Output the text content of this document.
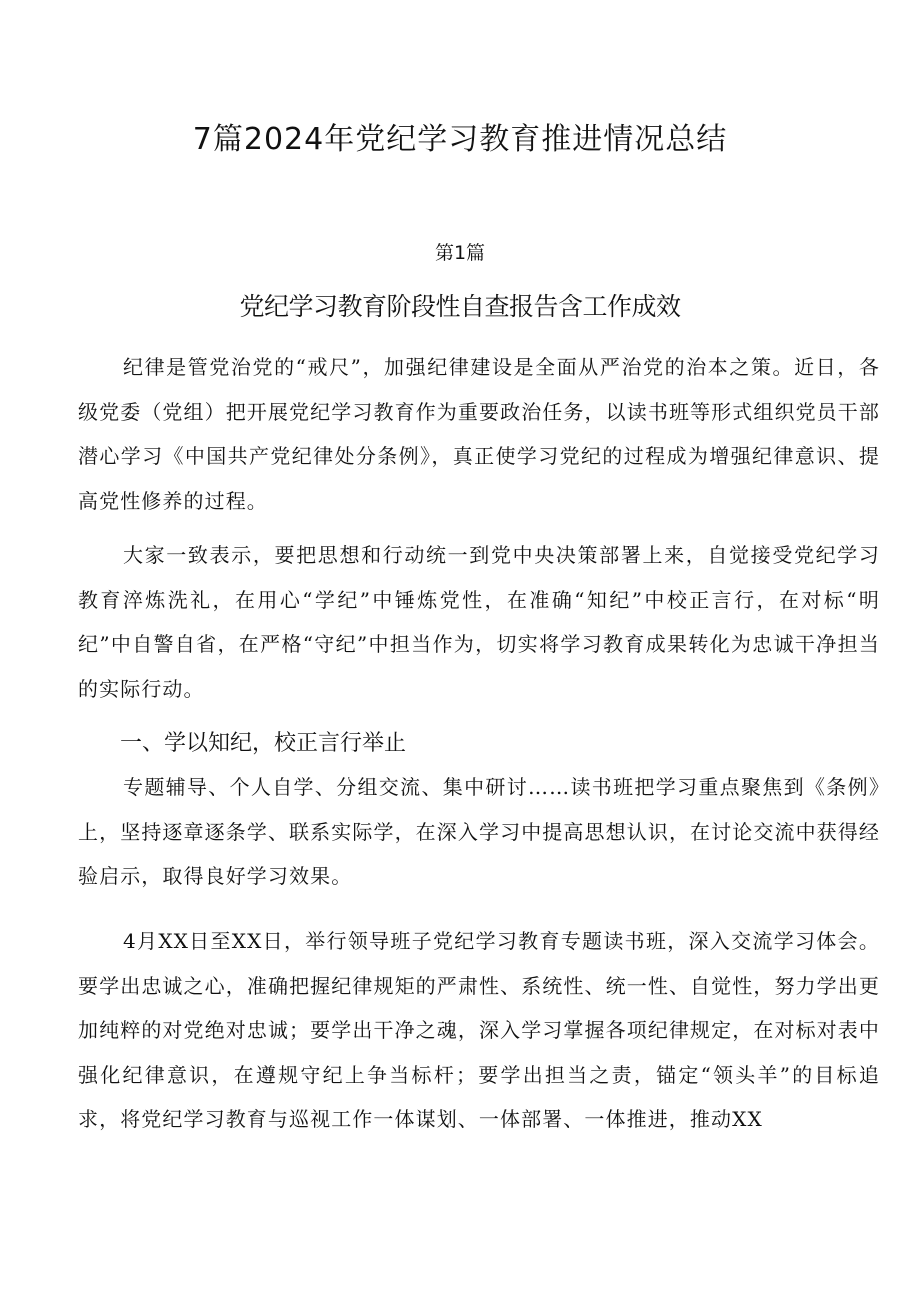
7篇2024年党纪学习教育推进情况总结
第1篇
党纪学习教育阶段性自查报告含工作成效

纪律是管党治党的“戒尺”，加强纪律建设是全面从严治党的治本之策。近日，各级党委（党组）把开展党纪学习教育作为重要政治任务，以读书班等形式组织党员干部潜心学习《中国共产党纪律处分条例》，真正使学习党纪的过程成为增强纪律意识、提高党性修养的过程。

大家一致表示，要把思想和行动统一到党中央决策部署上来，自觉接受党纪学习教育淬炼洗礼，在用心“学纪”中锤炼党性，在准确“知纪”中校正言行，在对标“明纪”中自警自省，在严格“守纪”中担当作为，切实将学习教育成果转化为忠诚干净担当的实际行动。

一、学以知纪，校正言行举止

专题辅导、个人自学、分组交流、集中研讨……读书班把学习重点聚焦到《条例》上，坚持逐章逐条学、联系实际学，在深入学习中提高思想认识，在讨论交流中获得经验启示，取得良好学习效果。

4月XX日至XX日，举行领导班子党纪学习教育专题读书班，深入交流学习体会。要学出忠诚之心，准确把握纪律规矩的严肃性、系统性、统一性、自觉性，努力学出更加纯粹的对党绝对忠诚；要学出干净之魂，深入学习掌握各项纪律规定，在对标对表中强化纪律意识，在遵规守纪上争当标杆；要学出担当之责，锚定“领头羊”的目标追求，将党纪学习教育与巡视工作一体谋划、一体部署、一体推进，推动XX
